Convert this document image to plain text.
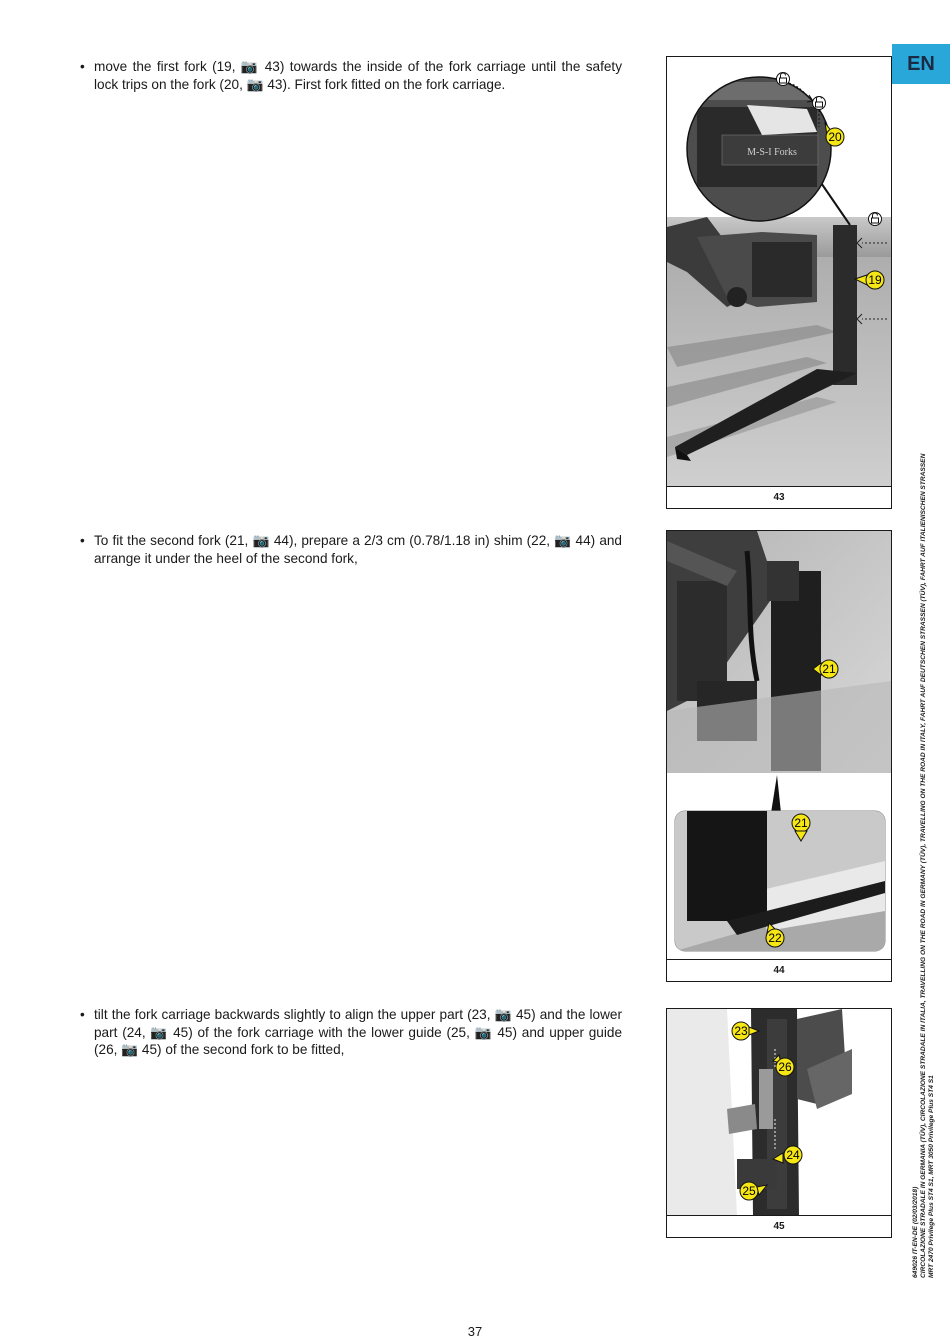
EN
• move the first fork (19, 📷 43) towards the inside of the fork carriage until the safety lock trips on the fork (20, 📷 43). First fork fitted on the fork carriage.
• To fit the second fork (21, 📷 44), prepare a 2/3 cm (0.78/1.18 in) shim (22, 📷 44) and arrange it under the heel of the second fork,
• tilt the fork carriage backwards slightly to align the upper part (23, 📷 45) and the lower part (24, 📷 45) of the fork carriage with the lower guide (25, 📷 45) and upper guide (26, 📷 45) of the second fork to be fitted,
M-S-I Forks
20
19
43
21
21
22
44
23
26
24
25
45	649026 IT-EN-DE (02/03/2018) CIRCOLAZIONE STRADALE IN GERMANIA (TÜV), CIRCOLAZIONE STRADALE IN ITALIA, TRAVELLING ON THE ROAD IN GERMANY (TÜV), TRAVELLING ON THE ROAD IN ITALY, FAHRT AUF DEUTSCHEN STRASSEN (TÜV), FAHRT AUF ITALIENISCHEN STRASSEN MRT 2470 Privilege Plus ST4 S1, MRT 3050 Privilege Plus ST4 S1
37
